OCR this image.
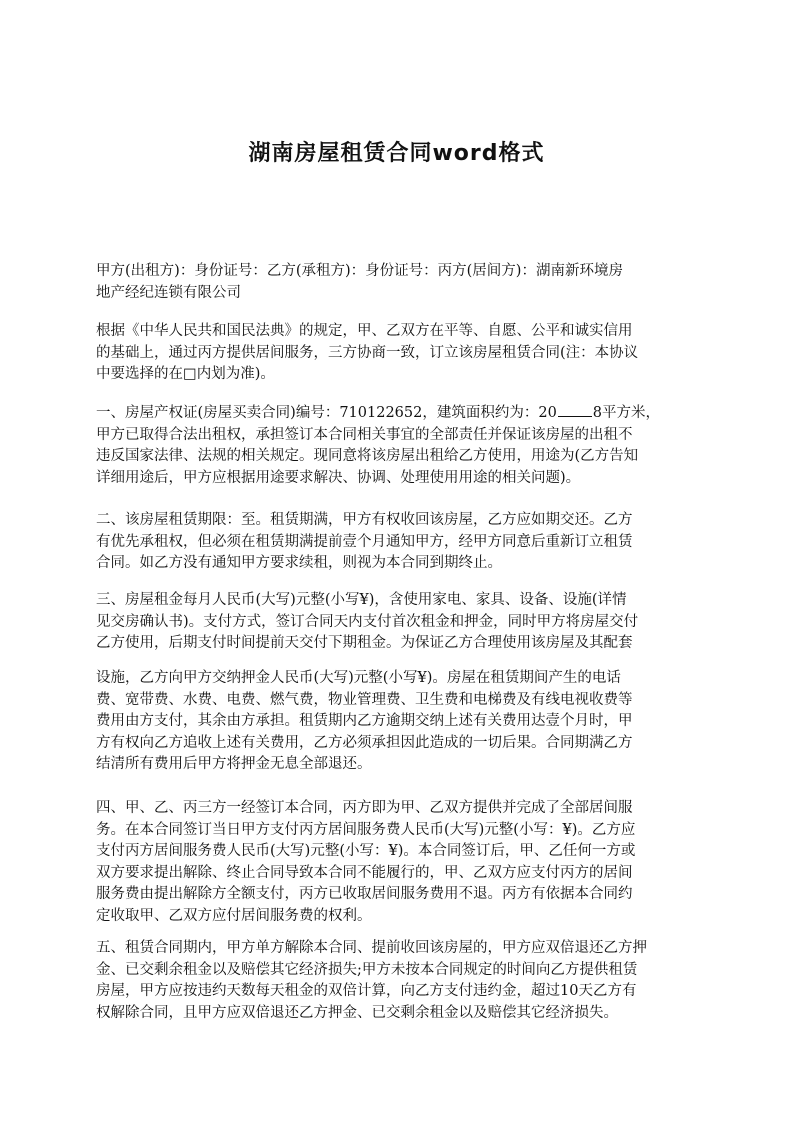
湖南房屋租赁合同word格式
甲方(出租方)：身份证号：乙方(承租方)：身份证号：丙方(居间方)：湖南新环境房
地产经纪连锁有限公司
根据《中华人民共和国民法典》的规定，甲、乙双方在平等、自愿、公平和诚实信用
的基础上，通过丙方提供居间服务，三方协商一致，订立该房屋租赁合同(注：本协议
中要选择的在□内划为准)。
一、房屋产权证(房屋买卖合同)编号：710122652，建筑面积约为：20 8平方米，
甲方已取得合法出租权，承担签订本合同相关事宜的全部责任并保证该房屋的出租不
违反国家法律、法规的相关规定。现同意将该房屋出租给乙方使用，用途为(乙方告知
详细用途后，甲方应根据用途要求解决、协调、处理使用用途的相关问题)。
二、该房屋租赁期限：至。租赁期满，甲方有权收回该房屋，乙方应如期交还。乙方
有优先承租权，但必须在租赁期满提前壹个月通知甲方，经甲方同意后重新订立租赁
合同。如乙方没有通知甲方要求续租，则视为本合同到期终止。
三、房屋租金每月人民币(大写)元整(小写¥)，含使用家电、家具、设备、设施(详情
见交房确认书)。支付方式，签订合同天内支付首次租金和押金，同时甲方将房屋交付
乙方使用，后期支付时间提前天交付下期租金。为保证乙方合理使用该房屋及其配套
设施，乙方向甲方交纳押金人民币(大写)元整(小写¥)。房屋在租赁期间产生的电话
费、宽带费、水费、电费、燃气费，物业管理费、卫生费和电梯费及有线电视收费等
费用由方支付，其余由方承担。租赁期内乙方逾期交纳上述有关费用达壹个月时，甲
方有权向乙方追收上述有关费用，乙方必须承担因此造成的一切后果。合同期满乙方
结清所有费用后甲方将押金无息全部退还。
四、甲、乙、丙三方一经签订本合同，丙方即为甲、乙双方提供并完成了全部居间服
务。在本合同签订当日甲方支付丙方居间服务费人民币(大写)元整(小写：¥)。乙方应
支付丙方居间服务费人民币(大写)元整(小写：¥)。本合同签订后，甲、乙任何一方或
双方要求提出解除、终止合同导致本合同不能履行的，甲、乙双方应支付丙方的居间
服务费由提出解除方全额支付，丙方已收取居间服务费用不退。丙方有依据本合同约
定收取甲、乙双方应付居间服务费的权利。
五、租赁合同期内，甲方单方解除本合同、提前收回该房屋的，甲方应双倍退还乙方押
金、已交剩余租金以及赔偿其它经济损失;甲方未按本合同规定的时间向乙方提供租赁
房屋，甲方应按违约天数每天租金的双倍计算，向乙方支付违约金，超过10天乙方有
权解除合同，且甲方应双倍退还乙方押金、已交剩余租金以及赔偿其它经济损失。
